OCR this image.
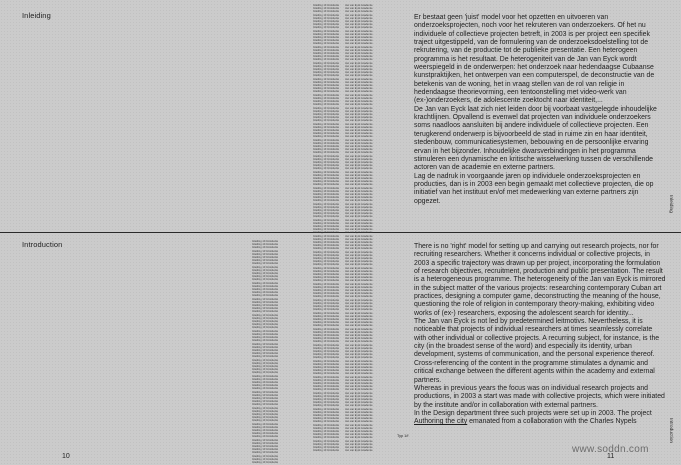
Inleiding	Er bestaat geen 'juist' model voor het opzetten en uitvoeren van onderzoeksprojecten, noch voor het rekruteren van onderzoekers. Of het nu individuele of collectieve projecten betreft, in 2003 is per project een specifiek traject uitgestippeld, van de formulering van de onderzoeksdoelstelling tot de rekrutering, van de productie tot de publieke presentatie. Een heterogeen programma is het resultaat. De heterogeniteit van de Jan van Eyck wordt weerspiegeld in de onderwerpen: het onderzoek naar hedendaagse Cubaanse kunstpraktijken, het ontwerpen van een computerspel, de deconstructie van de betekenis van de woning, het in vraag stellen van de rol van religie in hedendaagse theorievorming, een tentoonstelling met video-werk van (ex-)onderzoekers, de adolescente zoektocht naar identiteit,...

De Jan van Eyck laat zich niet leiden door bij voorbaat vastgelegde inhoudelijke krachtlijnen. Opvallend is evenwel dat projecten van individuele onderzoekers soms naadloos aansluiten bij andere individuele of collectieve projecten. Een terugkerend onderwerp is bijvoorbeeld de stad in ruime zin en haar identiteit, stedenbouw, communicatiesystemen, bebouwing en de persoonlijke ervaring ervan in het bijzonder. Inhoudelijke dwarsverbindingen in het programma stimuleren een dynamische en kritische wisselwerking tussen de verschillende actoren van de academie en externe partners.

Lag de nadruk in voorgaande jaren op individuele onderzoeksprojecten en producties, dan is in 2003 een begin gemaakt met collectieve projecten, die op initiatief van het instituut en/of met medewerking van externe partners zijn opgezet.	Inleiding
Introduction	There is no 'right' model for setting up and carrying out research projects, nor for recruiting researchers. Whether it concerns individual or collective projects, in 2003 a specific trajectory was drawn up per project, incorporating the formulation of research objectives, recruitment, production and public presentation. The result is a heterogeneous programme. The heterogeneity of the Jan van Eyck is mirrored in the subject matter of the various projects: researching contemporary Cuban art practices, designing a computer game, deconstructing the meaning of the house, questioning the role of religion in contemporary theory-making, exhibiting video works of (ex-) researchers, exposing the adolescent search for identity...

The Jan van Eyck is not led by predetermined leitmotivs. Nevertheless, it is noticeable that projects of individual researchers at times seamlessly correlate with other individual or collective projects. A recurring subject, for instance, is the city (in the broadest sense of the word) and especially its identity, urban development, systems of communication, and the personal experience thereof. Cross-referencing of the content in the programme stimulates a dynamic and critical exchange between the different agents within the academy and external partners.

Whereas in previous years the focus was on individual research projects and productions, in 2003 a start was made with collective projects, which were initiated by the institute and/or in collaboration with external partners.

In the Design department three such projects were set up in 2003. The project Authoring the city emanated from a collaboration with the Charles Nypels	Introduction
Typ 1/f
Inleiding 10 Introductie
Inleiding 10 Introductie
Inleiding 10 Introductie
Inleiding 10 Introductie
Inleiding 10 Introductie
Inleiding 10 Introductie
Inleiding 10 Introductie
Inleiding 10 Introductie
Inleiding 10 Introductie
Inleiding 10 Introductie
Inleiding 10 Introductie
Inleiding 10 Introductie
Inleiding 10 Introductie
Inleiding 10 Introductie
Inleiding 10 Introductie
Inleiding 10 Introductie
Inleiding 10 Introductie
Inleiding 10 Introductie
Inleiding 10 Introductie
Inleiding 10 Introductie
Inleiding 10 Introductie
Inleiding 10 Introductie
Inleiding 10 Introductie
Inleiding 10 Introductie
Inleiding 10 Introductie
Inleiding 10 Introductie
Inleiding 10 Introductie
Inleiding 10 Introductie
Inleiding 10 Introductie
Inleiding 10 Introductie
Inleiding 10 Introductie
Inleiding 10 Introductie
Inleiding 10 Introductie
Inleiding 10 Introductie
Inleiding 10 Introductie
Inleiding 10 Introductie
Inleiding 10 Introductie
Inleiding 10 Introductie
Inleiding 10 Introductie
Inleiding 10 Introductie
Inleiding 10 Introductie
Inleiding 10 Introductie
Inleiding 10 Introductie
Inleiding 10 Introductie
Inleiding 10 Introductie
Inleiding 10 Introductie
Inleiding 10 Introductie
Inleiding 10 Introductie
Inleiding 10 Introductie
Inleiding 10 Introductie
Inleiding 10 Introductie
Inleiding 10 Introductie
Inleiding 10 Introductie
Inleiding 10 Introductie
Inleiding 10 Introductie
Inleiding 10 Introductie
Inleiding 10 Introductie
Inleiding 10 Introductie
Inleiding 10 Introductie
Inleiding 10 Introductie
Inleiding 10 Introductie
Inleiding 10 Introductie
Inleiding 10 Introductie
Inleiding 10 Introductie
Inleiding 10 Introductie
Inleiding 10 Introductie
Inleiding 10 Introductie
Inleiding 10 Introductie
Inleiding 10 Introductie
Inleiding 10 Introductie
Inleiding 10 Introductie
Inleiding 10 Introductie
Inleiding 10 Introductie
Inleiding 10 Introductie
Inleiding 10 Introductie
Inleiding 10 Introductie
Inleiding 10 Introductie
Inleiding 10 Introductie
Inleiding 10 Introductie
Inleiding 10 Introductie
Inleiding 10 Introductie
Inleiding 10 Introductie
Inleiding 10 Introductie
Inleiding 10 Introductie
Inleiding 10 Introductie
Inleiding 10 Introductie
Inleiding 10 Introductie
Inleiding 10 Introductie
Inleiding 10 Introductie
Inleiding 10 Introductie
Inleiding 10 Introductie
Inleiding 10 Introductie
Inleiding 10 Introductie
Inleiding 10 Introductie
Inleiding 10 Introductie
Inleiding 10 Introductie
Inleiding 10 Introductie
Inleiding 10 Introductie
Inleiding 10 Introductie
Inleiding 10 Introductie
Inleiding 10 Introductie
Inleiding 10 Introductie
Inleiding 10 Introductie
Inleiding 10 Introductie
Inleiding 10 Introductie
Inleiding 10 Introductie
Inleiding 10 Introductie
Inleiding 10 Introductie
Inleiding 10 Introductie
Inleiding 10 Introductie
Inleiding 10 Introductie
Inleiding 10 Introductie
Inleiding 10 Introductie
Inleiding 10 Introductie
Inleiding 10 Introductie
Inleiding 10 Introductie
Inleiding 10 Introductie
Inleiding 10 Introductie
Inleiding 10 Introductie
Inleiding 10 Introductie
Inleiding 10 Introductie
Inleiding 10 Introductie
Inleiding 10 Introductie
Inleiding 10 Introductie
Inleiding 10 Introductie
Inleiding 10 Introductie
Inleiding 10 Introductie
Inleiding 10 Introductie
Inleiding 10 Introductie
Inleiding 10 Introductie
Inleiding 10 Introductie
Inleiding 10 Introductie
Inleiding 10 Introductie
Inleiding 10 Introductie
Inleiding 10 Introductie
Inleiding 10 Introductie
Inleiding 10 Introductie
Inleiding 10 Introductie
Inleiding 10 Introductie
Inleiding 10 Introductie
Jan van Eyck Academie
Jan van Eyck Academie
Jan van Eyck Academie
Jan van Eyck Academie
Jan van Eyck Academie
Jan van Eyck Academie
Jan van Eyck Academie
Jan van Eyck Academie
Jan van Eyck Academie
Jan van Eyck Academie
Jan van Eyck Academie
Jan van Eyck Academie
Jan van Eyck Academie
Jan van Eyck Academie
Jan van Eyck Academie
Jan van Eyck Academie
Jan van Eyck Academie
Jan van Eyck Academie
Jan van Eyck Academie
Jan van Eyck Academie
Jan van Eyck Academie
Jan van Eyck Academie
Jan van Eyck Academie
Jan van Eyck Academie
Jan van Eyck Academie
Jan van Eyck Academie
Jan van Eyck Academie
Jan van Eyck Academie
Jan van Eyck Academie
Jan van Eyck Academie
Jan van Eyck Academie
Jan van Eyck Academie
Jan van Eyck Academie
Jan van Eyck Academie
Jan van Eyck Academie
Jan van Eyck Academie
Jan van Eyck Academie
Jan van Eyck Academie
Jan van Eyck Academie
Jan van Eyck Academie
Jan van Eyck Academie
Jan van Eyck Academie
Jan van Eyck Academie
Jan van Eyck Academie
Jan van Eyck Academie
Jan van Eyck Academie
Jan van Eyck Academie
Jan van Eyck Academie
Jan van Eyck Academie
Jan van Eyck Academie
Jan van Eyck Academie
Jan van Eyck Academie
Jan van Eyck Academie
Jan van Eyck Academie
Jan van Eyck Academie
Jan van Eyck Academie
Jan van Eyck Academie
Jan van Eyck Academie
Jan van Eyck Academie
Jan van Eyck Academie
Jan van Eyck Academie
Jan van Eyck Academie
Jan van Eyck Academie
Jan van Eyck Academie
Jan van Eyck Academie
Jan van Eyck Academie
Jan van Eyck Academie
Jan van Eyck Academie
Jan van Eyck Academie
Jan van Eyck Academie
Jan van Eyck Academie
Jan van Eyck Academie
Jan van Eyck Academie
Jan van Eyck Academie
Jan van Eyck Academie
Jan van Eyck Academie
Jan van Eyck Academie
Jan van Eyck Academie
Jan van Eyck Academie
Jan van Eyck Academie
Jan van Eyck Academie
Jan van Eyck Academie
Jan van Eyck Academie
Jan van Eyck Academie
Jan van Eyck Academie
Jan van Eyck Academie
Jan van Eyck Academie
Jan van Eyck Academie
Jan van Eyck Academie
Jan van Eyck Academie
Jan van Eyck Academie
Jan van Eyck Academie
Jan van Eyck Academie
Jan van Eyck Academie
Jan van Eyck Academie
Jan van Eyck Academie
Jan van Eyck Academie
Jan van Eyck Academie
Jan van Eyck Academie
Jan van Eyck Academie
Jan van Eyck Academie
Jan van Eyck Academie
Jan van Eyck Academie
Jan van Eyck Academie
Jan van Eyck Academie
Jan van Eyck Academie
Jan van Eyck Academie
Jan van Eyck Academie
Jan van Eyck Academie
Jan van Eyck Academie
Jan van Eyck Academie
Jan van Eyck Academie
Jan van Eyck Academie
Jan van Eyck Academie
Jan van Eyck Academie
Jan van Eyck Academie
Jan van Eyck Academie
Jan van Eyck Academie
Jan van Eyck Academie
Jan van Eyck Academie
Jan van Eyck Academie
Jan van Eyck Academie
Jan van Eyck Academie
Jan van Eyck Academie
Jan van Eyck Academie
Jan van Eyck Academie
Jan van Eyck Academie
Jan van Eyck Academie
Jan van Eyck Academie
Jan van Eyck Academie
Jan van Eyck Academie
Jan van Eyck Academie
Jan van Eyck Academie
Jan van Eyck Academie
Jan van Eyck Academie
Jan van Eyck Academie
Jan van Eyck Academie
Jan van Eyck Academie
Jan van Eyck Academie
Jan van Eyck Academie
Inleiding 10 Introductie
Inleiding 10 Introductie
Inleiding 10 Introductie
Inleiding 10 Introductie
Inleiding 10 Introductie
Inleiding 10 Introductie
Inleiding 10 Introductie
Inleiding 10 Introductie
Inleiding 10 Introductie
Inleiding 10 Introductie
Inleiding 10 Introductie
Inleiding 10 Introductie
Inleiding 10 Introductie
Inleiding 10 Introductie
Inleiding 10 Introductie
Inleiding 10 Introductie
Inleiding 10 Introductie
Inleiding 10 Introductie
Inleiding 10 Introductie
Inleiding 10 Introductie
Inleiding 10 Introductie
Inleiding 10 Introductie
Inleiding 10 Introductie
Inleiding 10 Introductie
Inleiding 10 Introductie
Inleiding 10 Introductie
Inleiding 10 Introductie
Inleiding 10 Introductie
Inleiding 10 Introductie
Inleiding 10 Introductie
Inleiding 10 Introductie
Inleiding 10 Introductie
Inleiding 10 Introductie
Inleiding 10 Introductie
Inleiding 10 Introductie
Inleiding 10 Introductie
Inleiding 10 Introductie
Inleiding 10 Introductie
Inleiding 10 Introductie
Inleiding 10 Introductie
Inleiding 10 Introductie
Inleiding 10 Introductie
Inleiding 10 Introductie
Inleiding 10 Introductie
Inleiding 10 Introductie
Inleiding 10 Introductie
Inleiding 10 Introductie
Inleiding 10 Introductie
Inleiding 10 Introductie
Inleiding 10 Introductie
Inleiding 10 Introductie
Inleiding 10 Introductie
Inleiding 10 Introductie
Inleiding 10 Introductie
Inleiding 10 Introductie
Inleiding 10 Introductie
Inleiding 10 Introductie
Inleiding 10 Introductie
Inleiding 10 Introductie
Inleiding 10 Introductie
Inleiding 10 Introductie
Inleiding 10 Introductie
Inleiding 10 Introductie
Inleiding 10 Introductie
Inleiding 10 Introductie
Inleiding 10 Introductie
Inleiding 10 Introductie
Inleiding 10 Introductie
Inleiding 10 Introductie
Inleiding 10 Introductie
10	11
www.soddn.com
